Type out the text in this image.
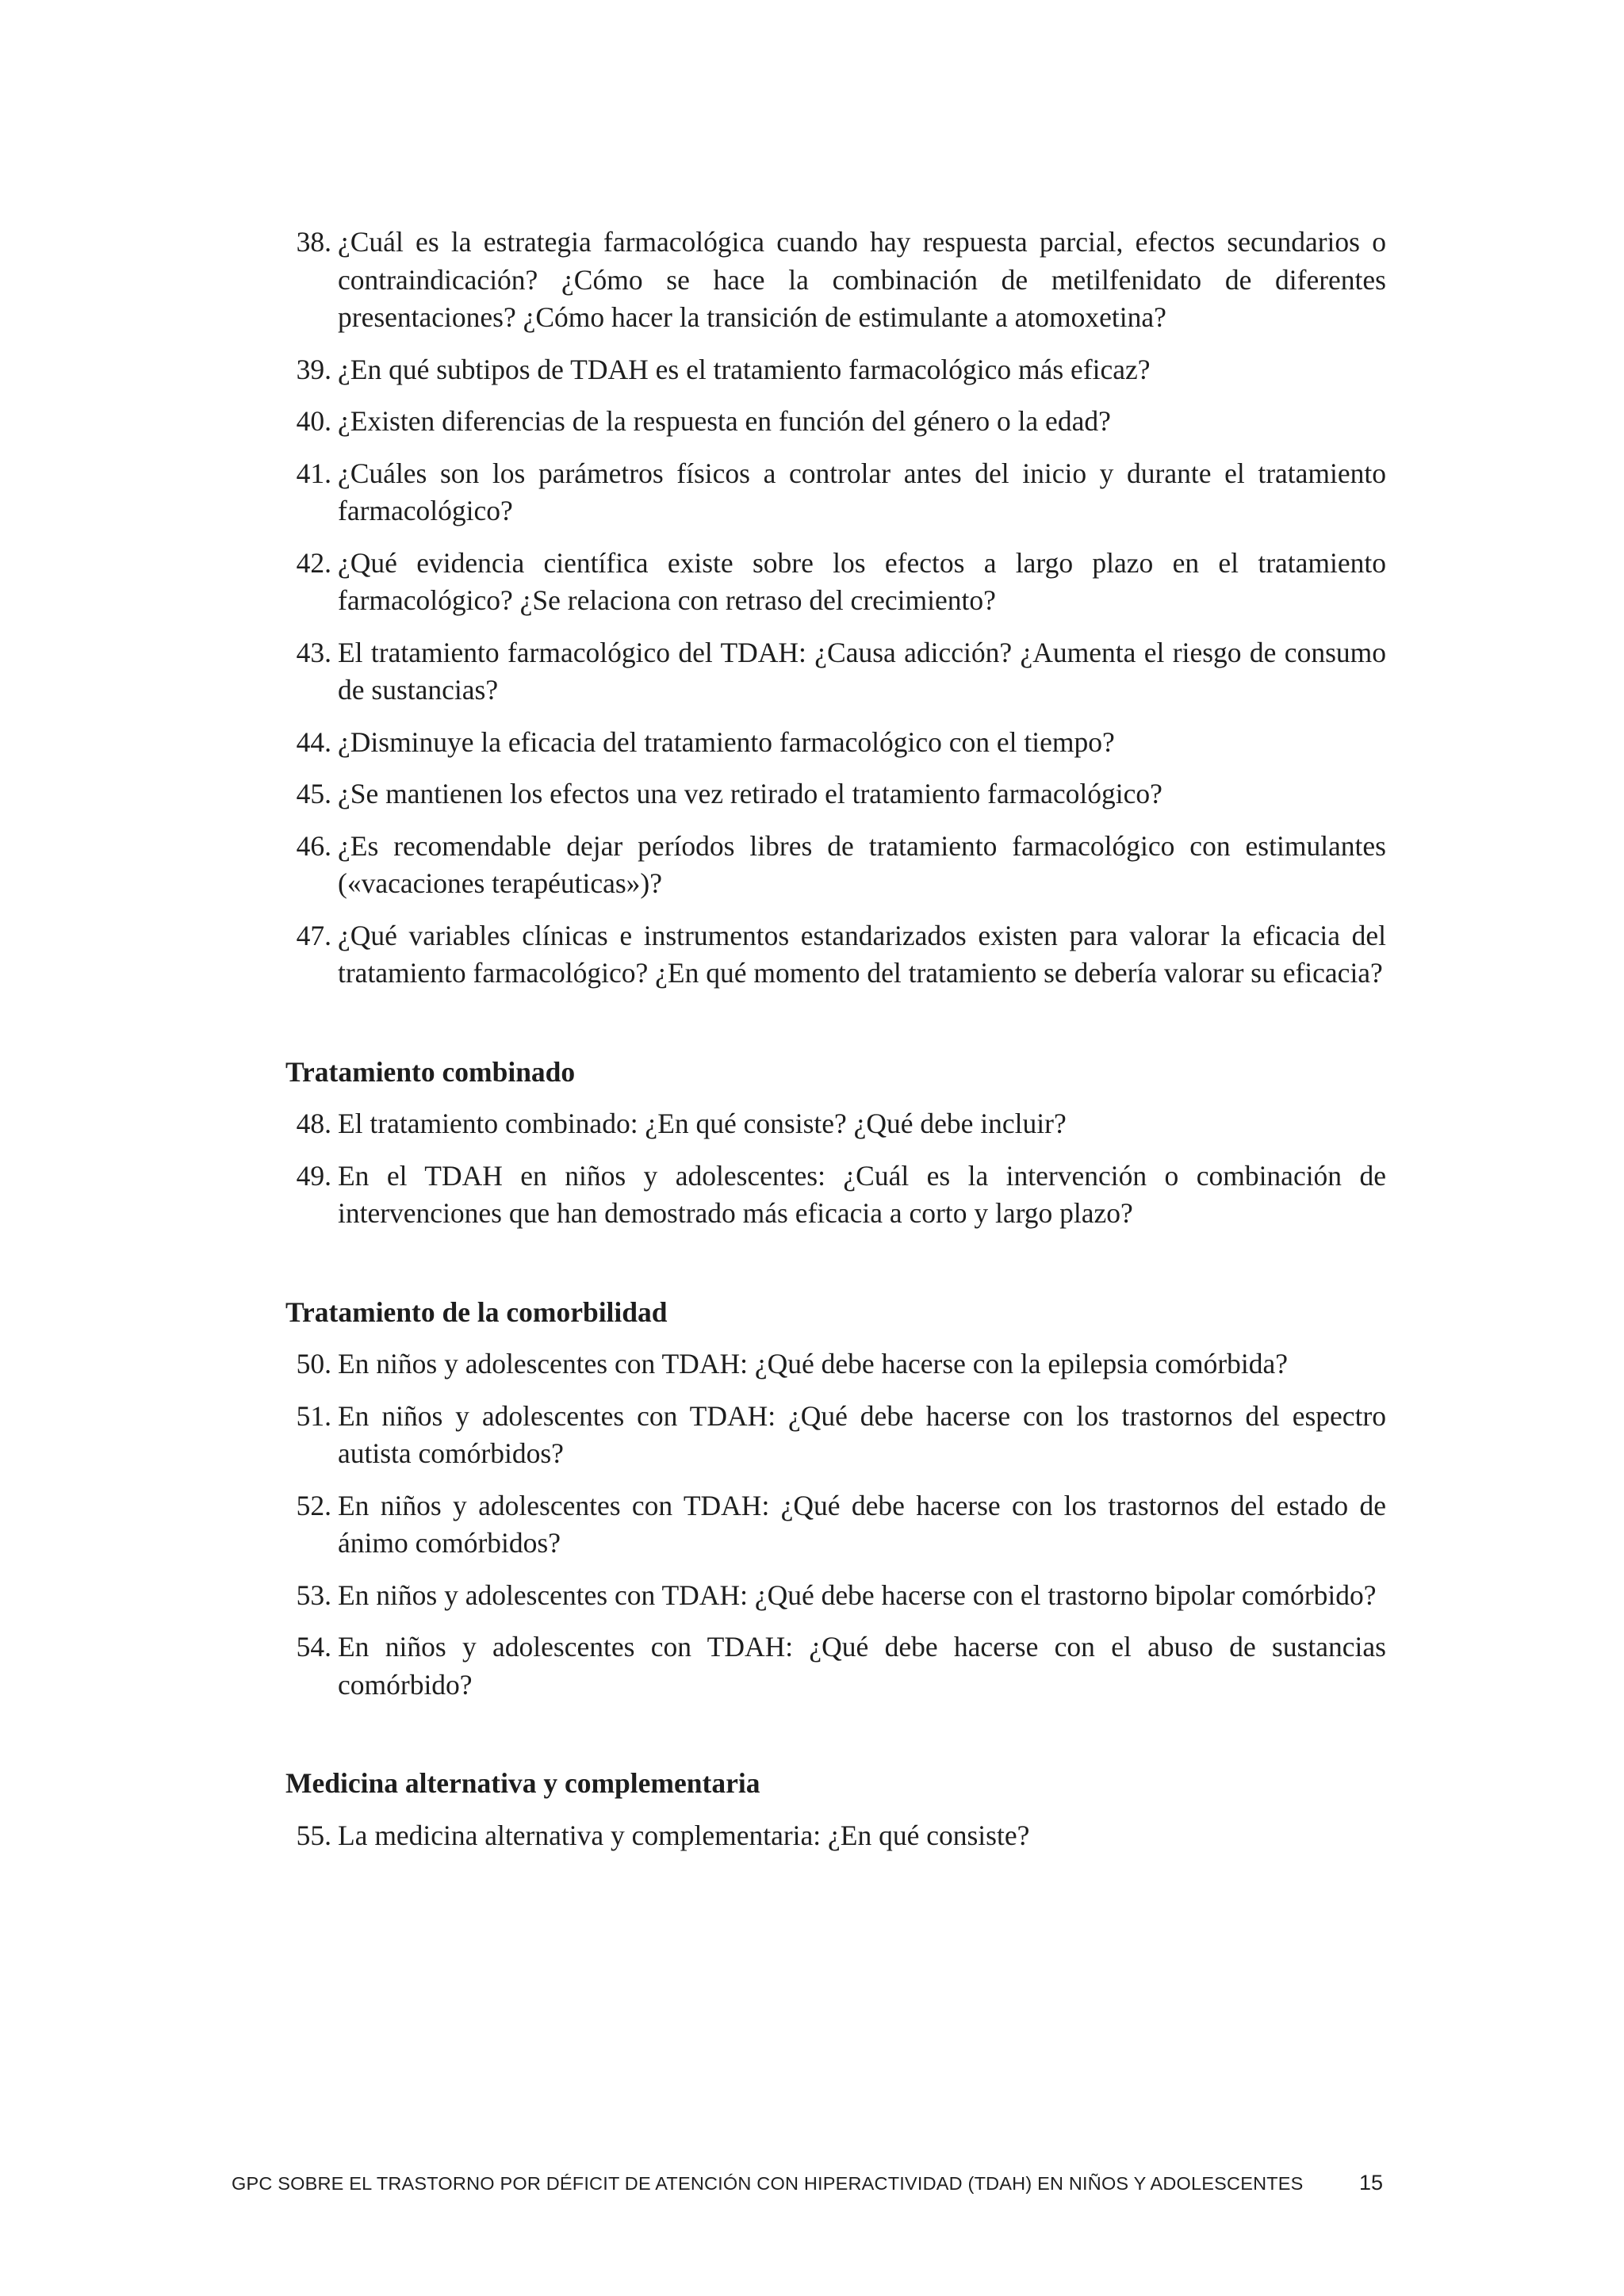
38. ¿Cuál es la estrategia farmacológica cuando hay respuesta parcial, efectos secundarios o contraindicación? ¿Cómo se hace la combinación de metilfenidato de diferentes presentaciones? ¿Cómo hacer la transición de estimulante a atomoxetina?
39. ¿En qué subtipos de TDAH es el tratamiento farmacológico más eficaz?
40. ¿Existen diferencias de la respuesta en función del género o la edad?
41. ¿Cuáles son los parámetros físicos a controlar antes del inicio y durante el tratamiento farmacológico?
42. ¿Qué evidencia científica existe sobre los efectos a largo plazo en el tratamiento farmacológico? ¿Se relaciona con retraso del crecimiento?
43. El tratamiento farmacológico del TDAH: ¿Causa adicción? ¿Aumenta el riesgo de consumo de sustancias?
44. ¿Disminuye la eficacia del tratamiento farmacológico con el tiempo?
45. ¿Se mantienen los efectos una vez retirado el tratamiento farmacológico?
46. ¿Es recomendable dejar períodos libres de tratamiento farmacológico con estimulantes («vacaciones terapéuticas»)?
47. ¿Qué variables clínicas e instrumentos estandarizados existen para valorar la eficacia del tratamiento farmacológico? ¿En qué momento del tratamiento se debería valorar su eficacia?
Tratamiento combinado
48. El tratamiento combinado: ¿En qué consiste? ¿Qué debe incluir?
49. En el TDAH en niños y adolescentes: ¿Cuál es la intervención o combinación de intervenciones que han demostrado más eficacia a corto y largo plazo?
Tratamiento de la comorbilidad
50. En niños y adolescentes con TDAH: ¿Qué debe hacerse con la epilepsia comórbida?
51. En niños y adolescentes con TDAH: ¿Qué debe hacerse con los trastornos del espectro autista comórbidos?
52. En niños y adolescentes con TDAH: ¿Qué debe hacerse con los trastornos del estado de ánimo comórbidos?
53. En niños y adolescentes con TDAH: ¿Qué debe hacerse con el trastorno bipolar comórbido?
54. En niños y adolescentes con TDAH: ¿Qué debe hacerse con el abuso de sustancias comórbido?
Medicina alternativa y complementaria
55. La medicina alternativa y complementaria: ¿En qué consiste?
GPC SOBRE EL TRASTORNO POR DÉFICIT DE ATENCIÓN CON HIPERACTIVIDAD (TDAH) EN NIÑOS Y ADOLESCENTES	15
